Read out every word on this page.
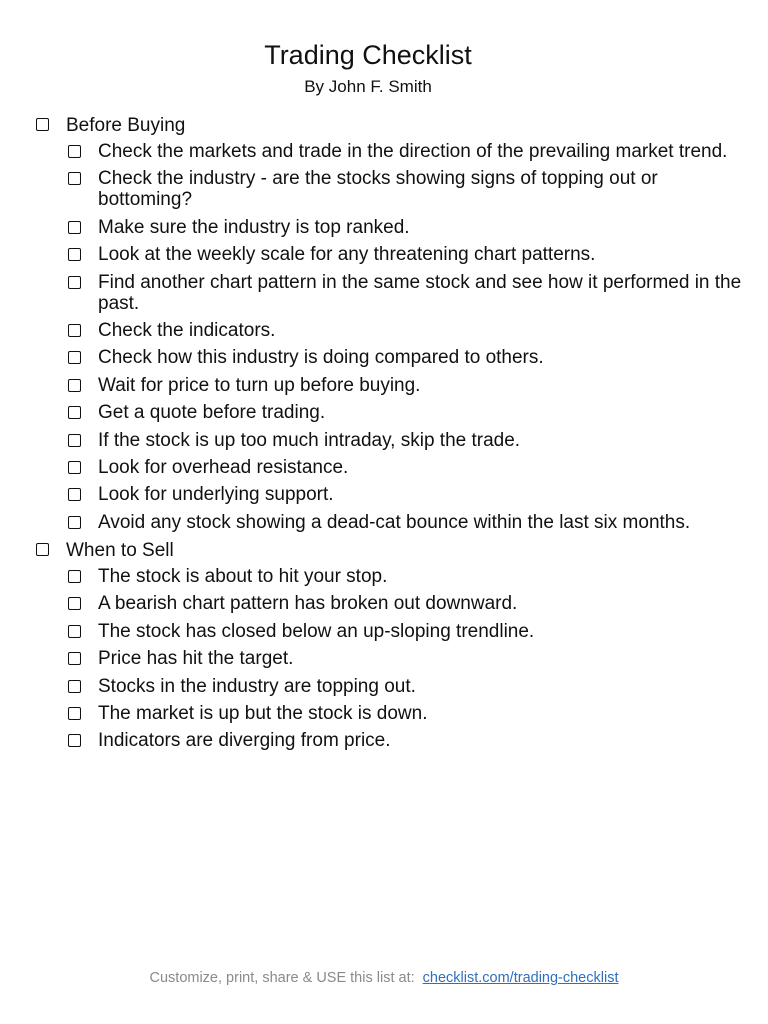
Trading Checklist
By John F. Smith
Before Buying
Check the markets and trade in the direction of the prevailing market trend.
Check the industry - are the stocks showing signs of topping out or bottoming?
Make sure the industry is top ranked.
Look at the weekly scale for any threatening chart patterns.
Find another chart pattern in the same stock and see how it performed in the past.
Check the indicators.
Check how this industry is doing compared to others.
Wait for price to turn up before buying.
Get a quote before trading.
If the stock is up too much intraday, skip the trade.
Look for overhead resistance.
Look for underlying support.
Avoid any stock showing a dead-cat bounce within the last six months.
When to Sell
The stock is about to hit your stop.
A bearish chart pattern has broken out downward.
The stock has closed below an up-sloping trendline.
Price has hit the target.
Stocks in the industry are topping out.
The market is up but the stock is down.
Indicators are diverging from price.
Customize, print, share & USE this list at: checklist.com/trading-checklist
